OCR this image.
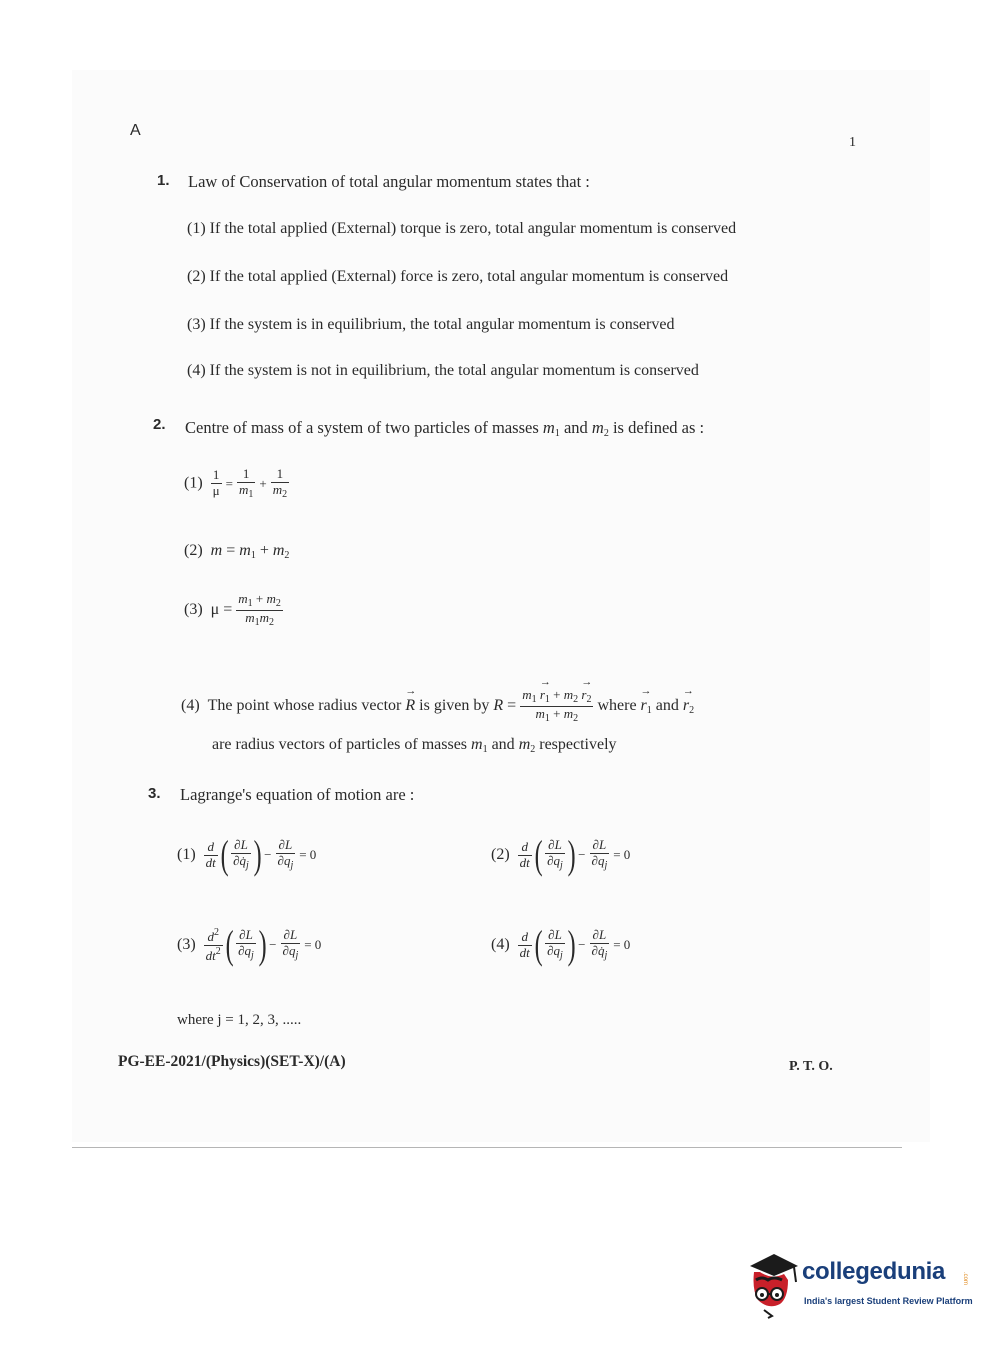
A
1
1. Law of Conservation of total angular momentum states that :
(1) If the total applied (External) torque is zero, total angular momentum is conserved
(2) If the total applied (External) force is zero, total angular momentum is conserved
(3) If the system is in equilibrium, the total angular momentum is conserved
(4) If the system is not in equilibrium, the total angular momentum is conserved
2. Centre of mass of a system of two particles of masses $m_1$ and $m_2$ is defined as :
$(1) \frac{1}{\mu} = \frac{1}{m_1} + \frac{1}{m_2}$
(2)  $m = m_1 + m_2$
(3)  $\mu = \frac{m_1 + m_2}{m_1m_2}$
(4)  The point whose radius vector → R is given by $R = \frac{m_1 \to r_1 + m_2 \to r_2}{m_1 + m_2}$ where → $r_1$ and → $r_2$
are radius vectors of particles of masses $m_1$ and $m_2$ respectively
3. Lagrange's equation of motion are :
$(1) \frac{d}{dt}$ ( $\frac{\partial L}{\partial q̇_j}$ ) − $\frac{\partial L}{\partial q_j} = 0$	$(2) \frac{d}{dt}$ ( $\frac{\partial L}{\partial q_j}$ ) − $\frac{\partial L}{\partial q_j} = 0$
$(3) \frac{d^2}{dt^2}$ ( $\frac{\partial L}{\partial q_j}$ ) − $\frac{\partial L}{\partial q_j} = 0$	$(4) \frac{d}{dt}$ ( $\frac{\partial L}{\partial q_j}$ ) − $\frac{\partial L}{\partial q̇_j} = 0$
where j = 1, 2, 3, .....
PG-EE-2021/(Physics)(SET-X)/(A)	P. T. O.
collegedunia	.com
India's largest Student Review Platform
